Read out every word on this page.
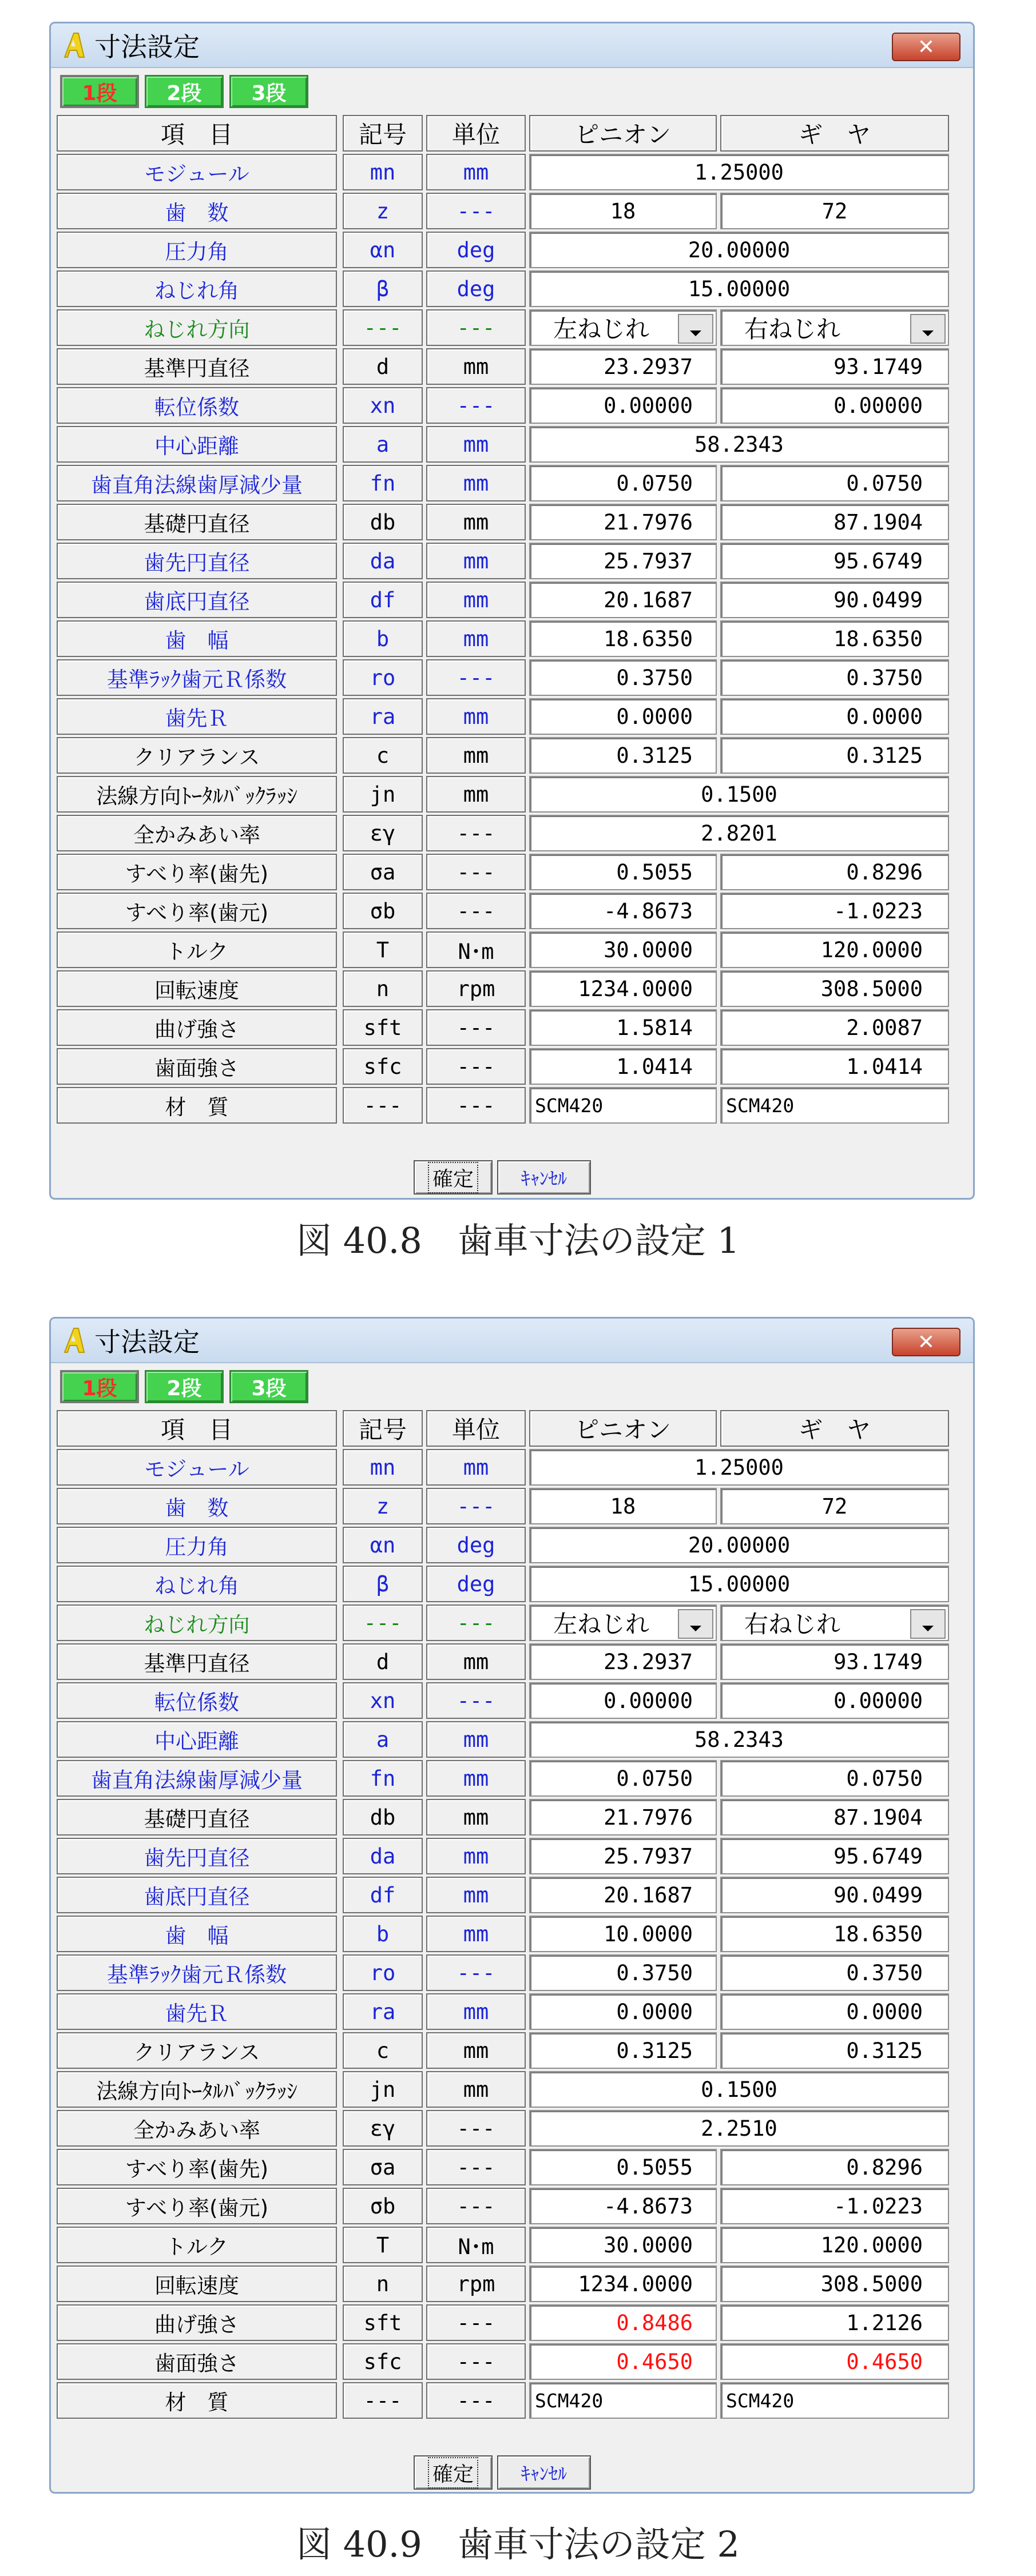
寸法設定	✕
1段	2段	3段
項　目	記号	単位	ピニオン	ギ　ヤ
モジュール	mn	mm	1.25000
歯　数	z	---	18	72
圧力角	αn	deg	20.00000
ねじれ角	β	deg	15.00000
ねじれ方向	---	---	左ねじれ	右ねじれ
基準円直径	d	mm	23.2937	93.1749
転位係数	xn	---	0.00000	0.00000
中心距離	a	mm	58.2343
歯直角法線歯厚減少量	fn	mm	0.0750	0.0750
基礎円直径	db	mm	21.7976	87.1904
歯先円直径	da	mm	25.7937	95.6749
歯底円直径	df	mm	20.1687	90.0499
歯　幅	b	mm	18.6350	18.6350
基準ﾗｯｸ歯元Ｒ係数	ro	---	0.3750	0.3750
歯先Ｒ	ra	mm	0.0000	0.0000
クリアランス	c	mm	0.3125	0.3125
法線方向ﾄｰﾀﾙﾊﾞｯｸﾗｯｼ	jn	mm	0.1500
全かみあい率	εγ	---	2.8201
すべり率(歯先)	σa	---	0.5055	0.8296
すべり率(歯元)	σb	---	-4.8673	-1.0223
トルク	T	N･m	30.0000	120.0000
回転速度	n	rpm	1234.0000	308.5000
曲げ強さ	sft	---	1.5814	2.0087
歯面強さ	sfc	---	1.0414	1.0414
材　質	---	---	SCM420	SCM420
確定	ｷｬﾝｾﾙ
図 40.8　歯車寸法の設定 1
寸法設定	✕
1段	2段	3段
項　目	記号	単位	ピニオン	ギ　ヤ
モジュール	mn	mm	1.25000
歯　数	z	---	18	72
圧力角	αn	deg	20.00000
ねじれ角	β	deg	15.00000
ねじれ方向	---	---	左ねじれ	右ねじれ
基準円直径	d	mm	23.2937	93.1749
転位係数	xn	---	0.00000	0.00000
中心距離	a	mm	58.2343
歯直角法線歯厚減少量	fn	mm	0.0750	0.0750
基礎円直径	db	mm	21.7976	87.1904
歯先円直径	da	mm	25.7937	95.6749
歯底円直径	df	mm	20.1687	90.0499
歯　幅	b	mm	10.0000	18.6350
基準ﾗｯｸ歯元Ｒ係数	ro	---	0.3750	0.3750
歯先Ｒ	ra	mm	0.0000	0.0000
クリアランス	c	mm	0.3125	0.3125
法線方向ﾄｰﾀﾙﾊﾞｯｸﾗｯｼ	jn	mm	0.1500
全かみあい率	εγ	---	2.2510
すべり率(歯先)	σa	---	0.5055	0.8296
すべり率(歯元)	σb	---	-4.8673	-1.0223
トルク	T	N･m	30.0000	120.0000
回転速度	n	rpm	1234.0000	308.5000
曲げ強さ	sft	---	0.8486	1.2126
歯面強さ	sfc	---	0.4650	0.4650
材　質	---	---	SCM420	SCM420
確定	ｷｬﾝｾﾙ
図 40.9　歯車寸法の設定 2
